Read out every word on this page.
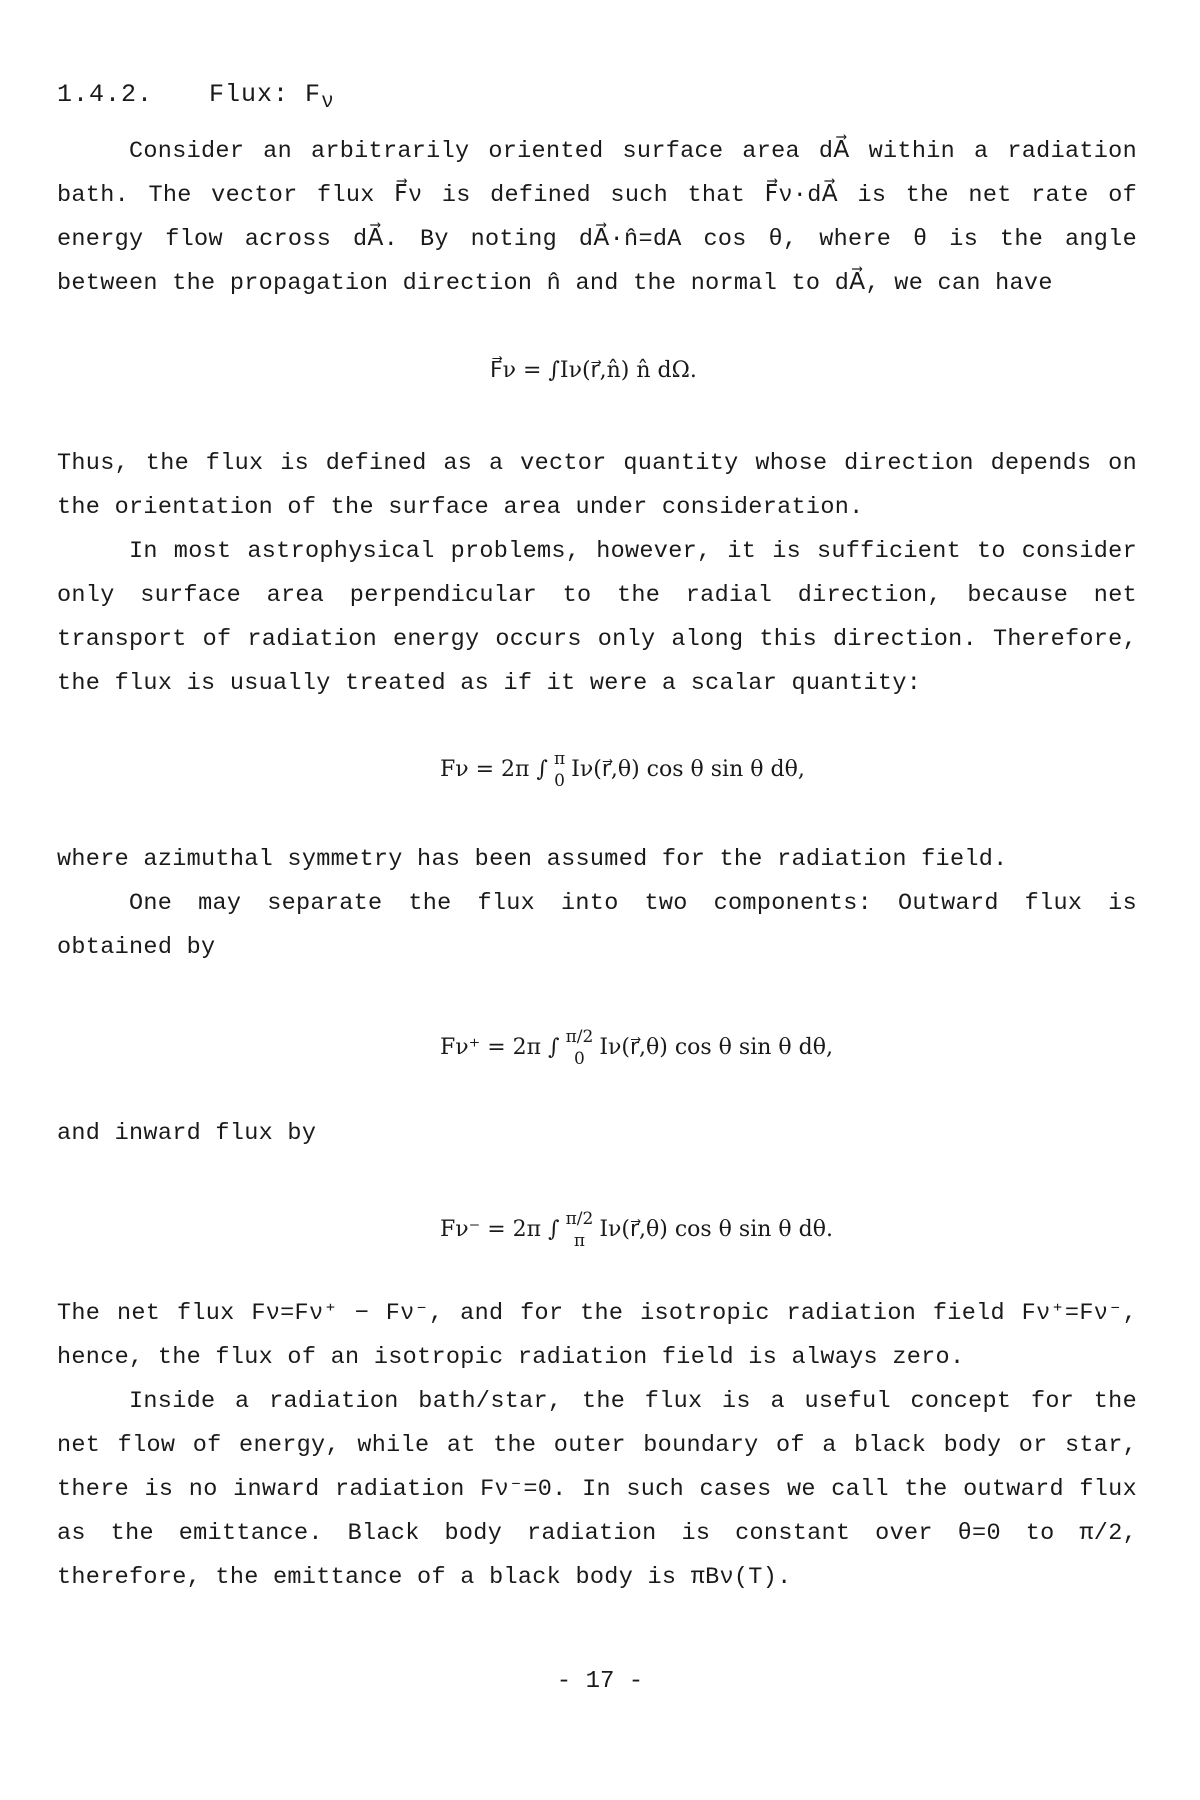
1.4.2. Flux: $F_\nu$

Consider an arbitrarily oriented surface area dA⃗ within a radiation bath. The vector flux F⃗ν is defined such that F⃗ν·dA⃗ is the net rate of energy flow across dA⃗. By noting dA⃗·n̂=dA cos θ, where θ is the angle between the propagation direction n̂ and the normal to dA⃗, we can have

F⃗ν = ∫Iν(r⃗,n̂) n̂ dΩ.

Thus, the flux is defined as a vector quantity whose direction depends on the orientation of the surface area under consideration.

In most astrophysical problems, however, it is sufficient to consider only surface area perpendicular to the radial direction, because net transport of radiation energy occurs only along this direction. Therefore, the flux is usually treated as if it were a scalar quantity:

Fν = 2π ∫ π
0 Iν(r⃗,θ) cos θ sin θ dθ,

where azimuthal symmetry has been assumed for the radiation field.

One may separate the flux into two components: Outward flux is obtained by

Fν⁺ = 2π ∫ π/2
0 Iν(r⃗,θ) cos θ sin θ dθ,

and inward flux by

Fν⁻ = 2π ∫ π/2
π Iν(r⃗,θ) cos θ sin θ dθ.

The net flux Fν=Fν⁺ − Fν⁻, and for the isotropic radiation field Fν⁺=Fν⁻, hence, the flux of an isotropic radiation field is always zero.

Inside a radiation bath/star, the flux is a useful concept for the net flow of energy, while at the outer boundary of a black body or star, there is no inward radiation Fν⁻=0. In such cases we call the outward flux as the emittance. Black body radiation is constant over θ=0 to π/2, therefore, the emittance of a black body is πBν(T).

- 17 -
